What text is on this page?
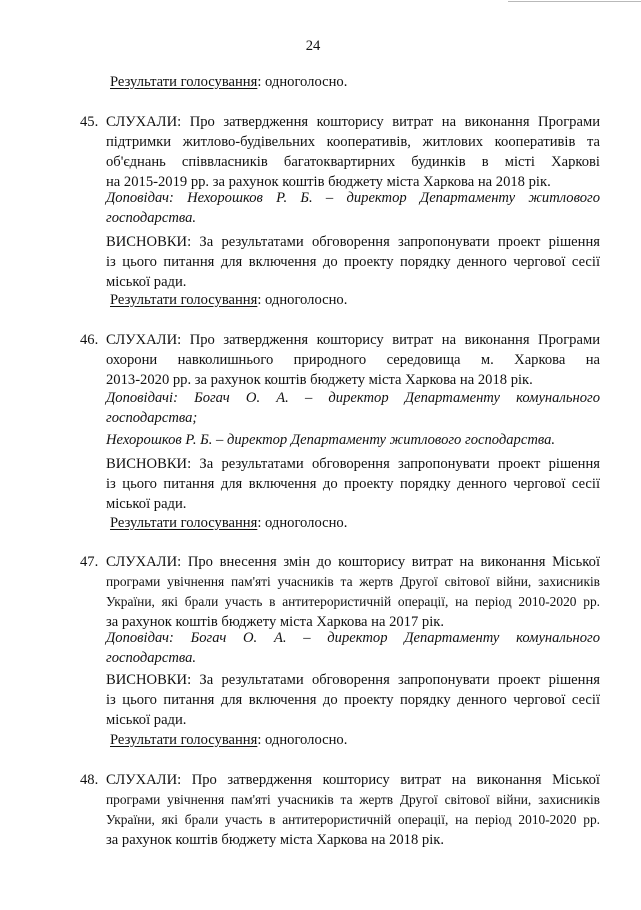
24
Результати голосування: одноголосно.
45. СЛУХАЛИ: Про затвердження кошторису витрат на виконання Програми
підтримки житлово-будівельних кооперативів, житлових кооперативів та
об'єднань співвласників багатоквартирних будинків в місті Харкові
на 2015-2019 рр. за рахунок коштів бюджету міста Харкова на 2018 рік.
Доповідач: Нехорошков Р. Б. – директор Департаменту житлового
господарства.
ВИСНОВКИ: За результатами обговорення запропонувати проект рішення
із цього питання для включення до проекту порядку денного чергової сесії
міської ради.
Результати голосування: одноголосно.
46. СЛУХАЛИ: Про затвердження кошторису витрат на виконання Програми
охорони навколишнього природного середовища м. Харкова на
2013-2020 рр. за рахунок коштів бюджету міста Харкова на 2018 рік.
Доповідачі: Богач О. А. – директор Департаменту комунального
господарства;
Нехорошков Р. Б. – директор Департаменту житлового господарства.
ВИСНОВКИ: За результатами обговорення запропонувати проект рішення
із цього питання для включення до проекту порядку денного чергової сесії
міської ради.
Результати голосування: одноголосно.
47. СЛУХАЛИ: Про внесення змін до кошторису витрат на виконання Міської
програми увічнення пам'яті учасників та жертв Другої світової війни, захисників
України, які брали участь в антитерористичній операції, на період 2010-2020 рр.
за рахунок коштів бюджету міста Харкова на 2017 рік.
Доповідач: Богач О. А. – директор Департаменту комунального
господарства.
ВИСНОВКИ: За результатами обговорення запропонувати проект рішення
із цього питання для включення до проекту порядку денного чергової сесії
міської ради.
Результати голосування: одноголосно.
48. СЛУХАЛИ: Про затвердження кошторису витрат на виконання Міської
програми увічнення пам'яті учасників та жертв Другої світової війни, захисників
України, які брали участь в антитерористичній операції, на період 2010-2020 рр.
за рахунок коштів бюджету міста Харкова на 2018 рік.
